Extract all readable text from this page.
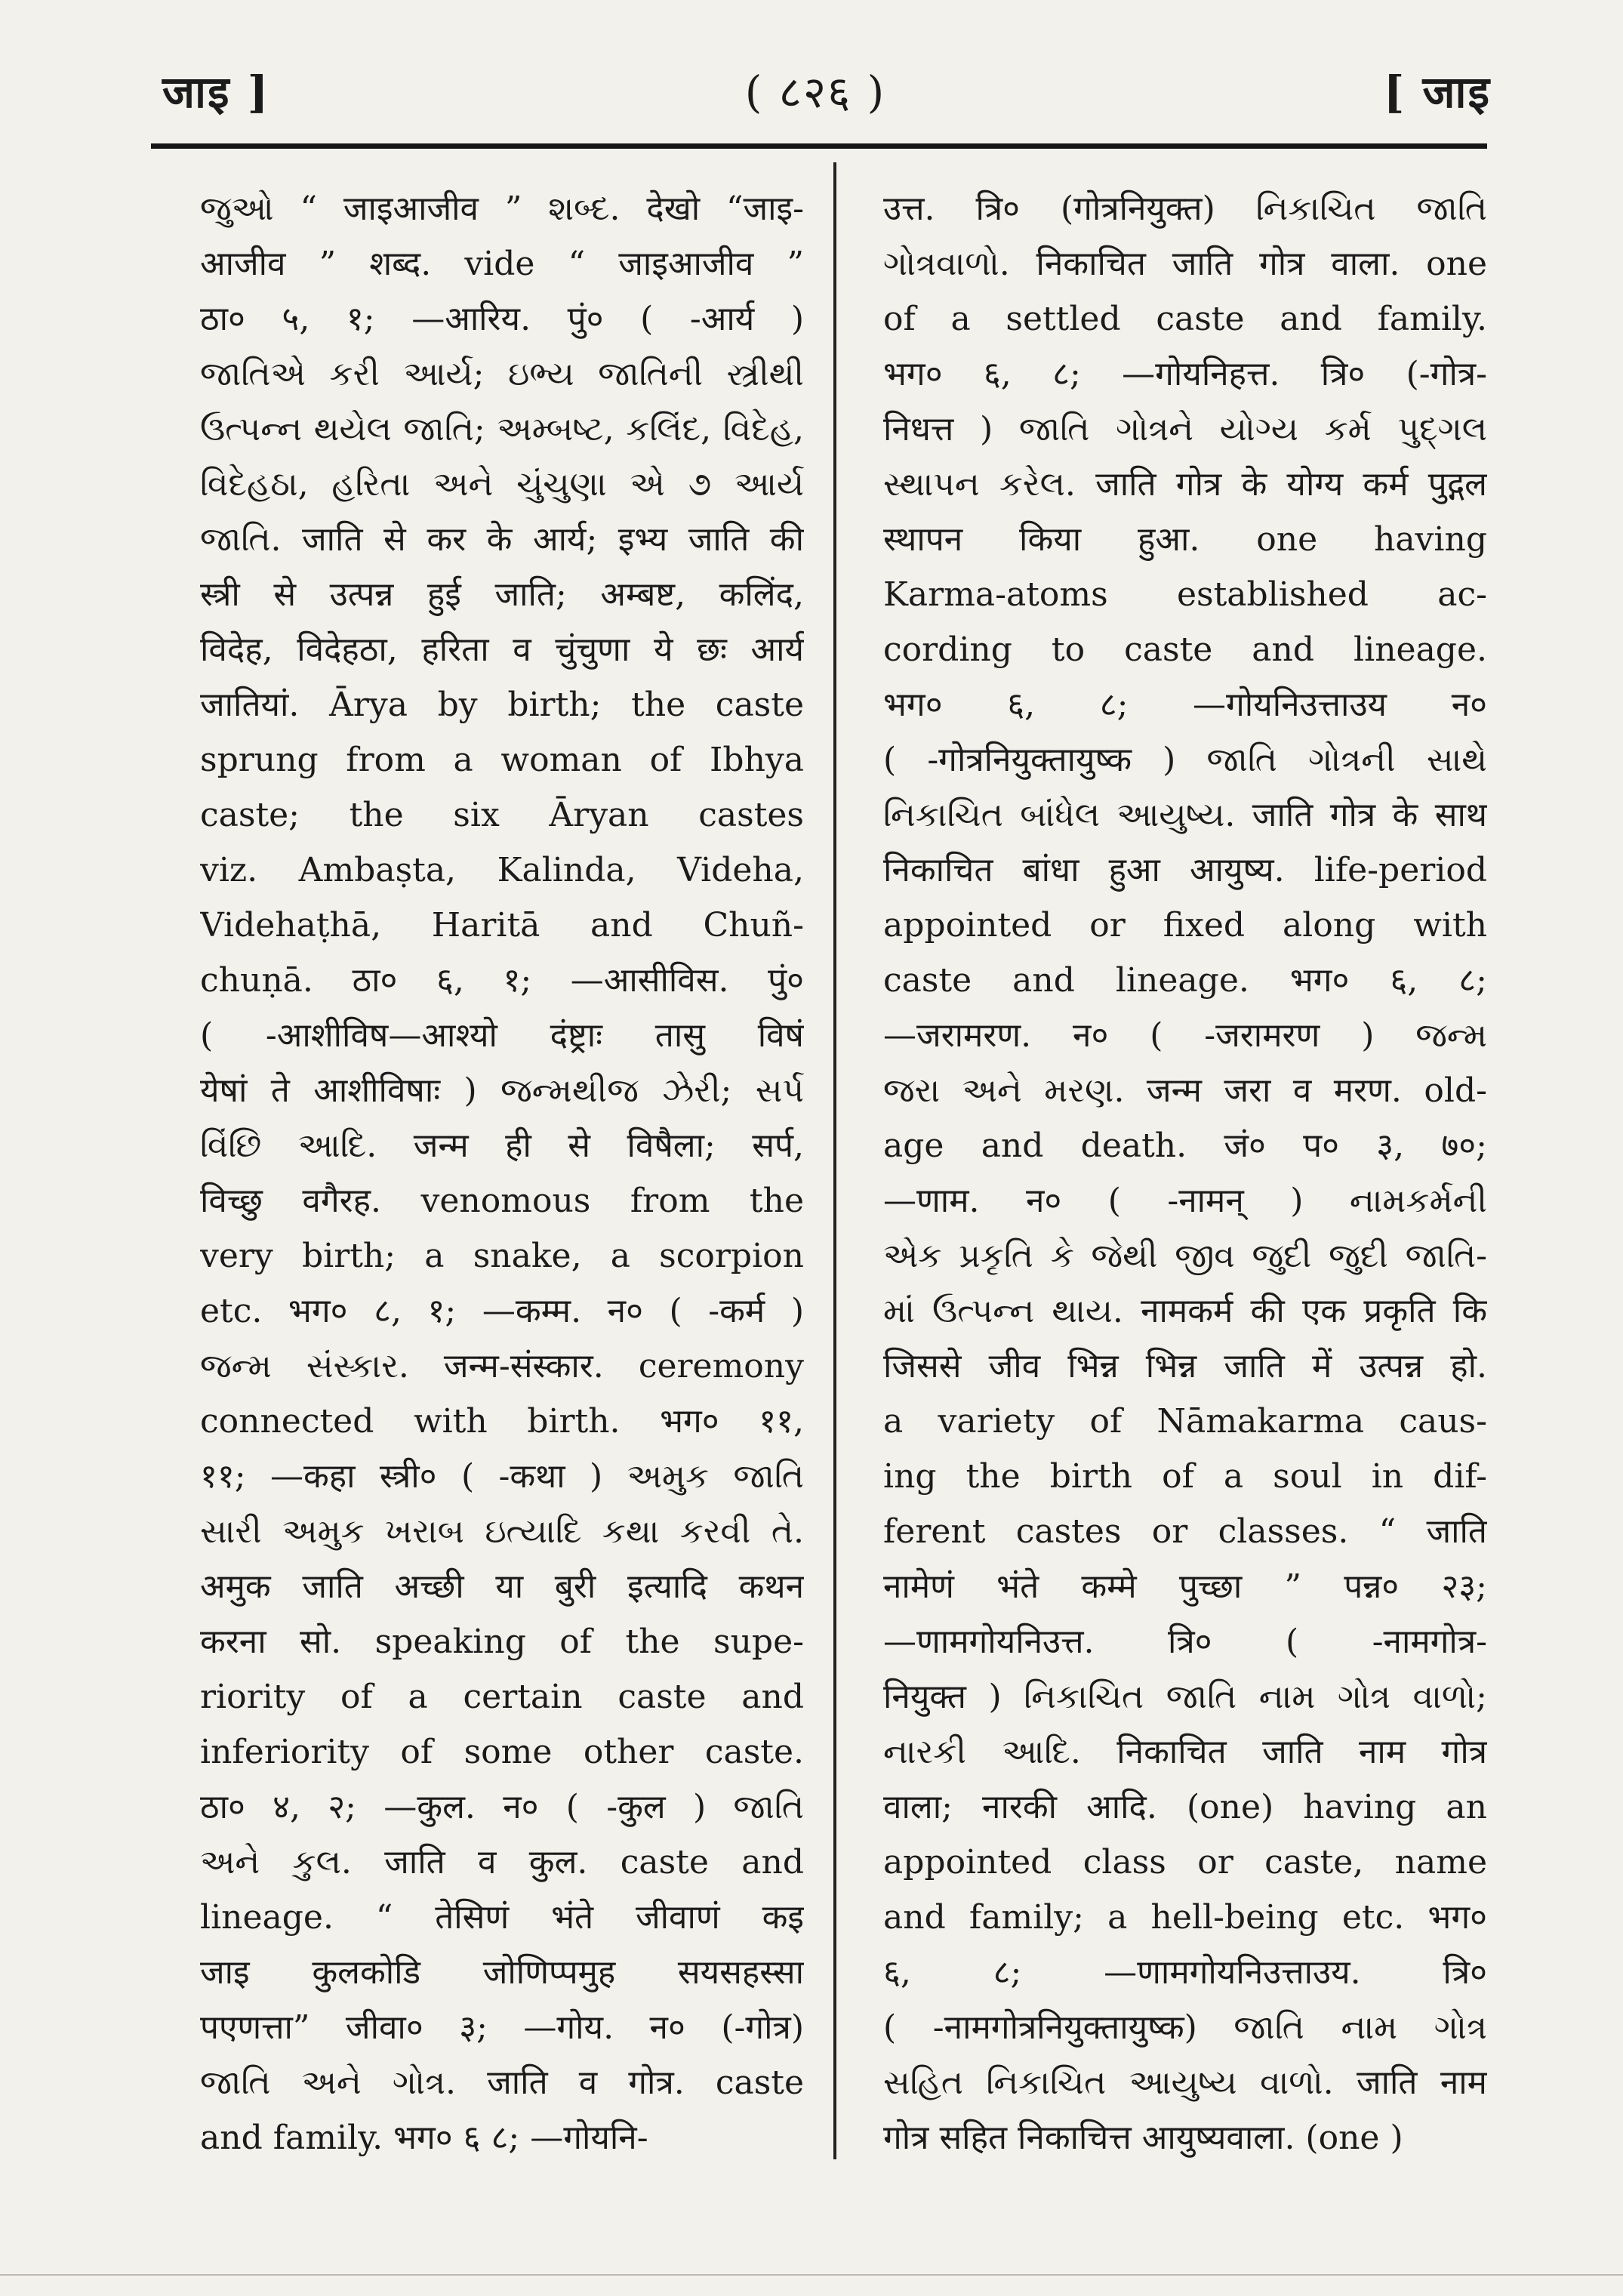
जाइ ]	( ८२६ )	[ जाइ
જુઓ “ जाइआजीव ” શબ્દ. देखो “जाइ-
आजीव ” शब्द. vide “ जाइआजीव ”
ठा० ५, १; —आरिय. पुं० ( -आर्य )
જાતિએ કરી આર્ય; ઇભ્ય જાતિની સ્ત્રીથી
ઉત્પન્ન થયેલ જાતિ; અમ્બષ્ટ, કલિંદ, વિદેહ,
વિદેહઠા, હરિતા અને ચુંચુણા એ ૭ આર્ય
જાતિ. जाति से कर के आर्य; इभ्य जाति की
स्त्री से उत्पन्न हुई जाति; अम्बष्ट, कलिंद,
विदेह, विदेहठा, हरिता व चुंचुणा ये छः आर्य
जातियां. Ārya by birth; the caste
sprung from a woman of Ibhya
caste; the six Āryan castes
viz. Ambaṣta, Kalinda, Videha,
Videhaṭhā, Haritā and Chuñ-
chuṇā. ठा० ६, १; —आसीविस. पुं०
( -आशीविष—आश्यो दंष्ट्राः तासु विषं
येषां ते आशीविषाः ) જન્મથીજ ઝેરી; સર્પ
વિંછિ આદિ. जन्म ही से विषैला; सर्प,
विच्छु वगैरह. venomous from the
very birth; a snake, a scorpion
etc. भग० ८, १; —कम्म. न० ( -कर्म )
જન્મ સંસ્કાર. जन्म-संस्कार. ceremony
connected with birth. भग० ११,
११; —कहा स्त्री० ( -कथा ) અમુક જાતિ
સારી અમુક ખરાબ ઇત્યાદિ કથા કરવી તે.
अमुक जाति अच्छी या बुरी इत्यादि कथन
करना सो. speaking of the supe-
riority of a certain caste and
inferiority of some other caste.
ठा० ४, २; —कुल. न० ( -कुल ) જાતિ
અને કુલ. जाति व कुल. caste and
lineage. “ तेसिणं भंते जीवाणं कइ
जाइ कुलकोडि जोणिप्पमुह सयसहस्सा
पएणत्ता” जीवा० ३; —गोय. न० (-गोत्र)
જાતિ અને ગોત્ર. जाति व गोत्र. caste
and family. भग० ६ ८; —गोयनि-
उत्त. त्रि० (गोत्रनियुक्त) નિકાચિત જાતિ
ગોત્રવાળો. निकाचित जाति गोत्र वाला. one
of a settled caste and family.
भग० ६, ८; —गोयनिहत्त. त्रि० (-गोत्र-
निधत्त ) જાતિ ગોત્રને યોગ્ય કર્મ પુદ્ગલ
સ્થાપન કરેલ. जाति गोत्र के योग्य कर्म पुद्गल
स्थापन किया हुआ. one having
Karma-atoms established ac-
cording to caste and lineage.
भग० ६, ८; —गोयनिउत्ताउय न०
( -गोत्रनियुक्तायुष्क ) જાતિ ગોત્રની સાથે
નિકાચિત બાંધેલ આયુષ્ય. जाति गोत्र के साथ
निकाचित बांधा हुआ आयुष्य. life-period
appointed or fixed along with
caste and lineage. भग० ६, ८;
—जरामरण. न० ( -जरामरण ) જન્મ
જરા અને મરણ. जन्म जरा व मरण. old-
age and death. जं० प० ३, ७०;
—णाम. न० ( -नामन् ) નામકર્મની
એક પ્રકૃતિ કે જેથી જીવ જુદી જુદી જાતિ-
માં ઉત્પન્ન થાય. नामकर्म की एक प्रकृति कि
जिससे जीव भिन्न भिन्न जाति में उत्पन्न हो.
a variety of Nāmakarma caus-
ing the birth of a soul in dif-
ferent castes or classes. “ जाति
नामेणं भंते कम्मे पुच्छा ” पन्न० २३;
—णामगोयनिउत्त. त्रि० ( -नामगोत्र-
नियुक्त ) નિકાચિત જાતિ નામ ગોત્ર વાળો;
નારકી આદિ. निकाचित जाति नाम गोत्र
वाला; नारकी आदि. (one) having an
appointed class or caste, name
and family; a hell-being etc. भग०
६, ८; —णामगोयनिउत्ताउय. त्रि०
( -नामगोत्रनियुक्तायुष्क) જાતિ નામ ગોત્ર
સહિત નિકાચિત આયુષ્ય વાળો. जाति नाम
गोत्र सहित निकाचित्त आयुष्यवाला. (one )
